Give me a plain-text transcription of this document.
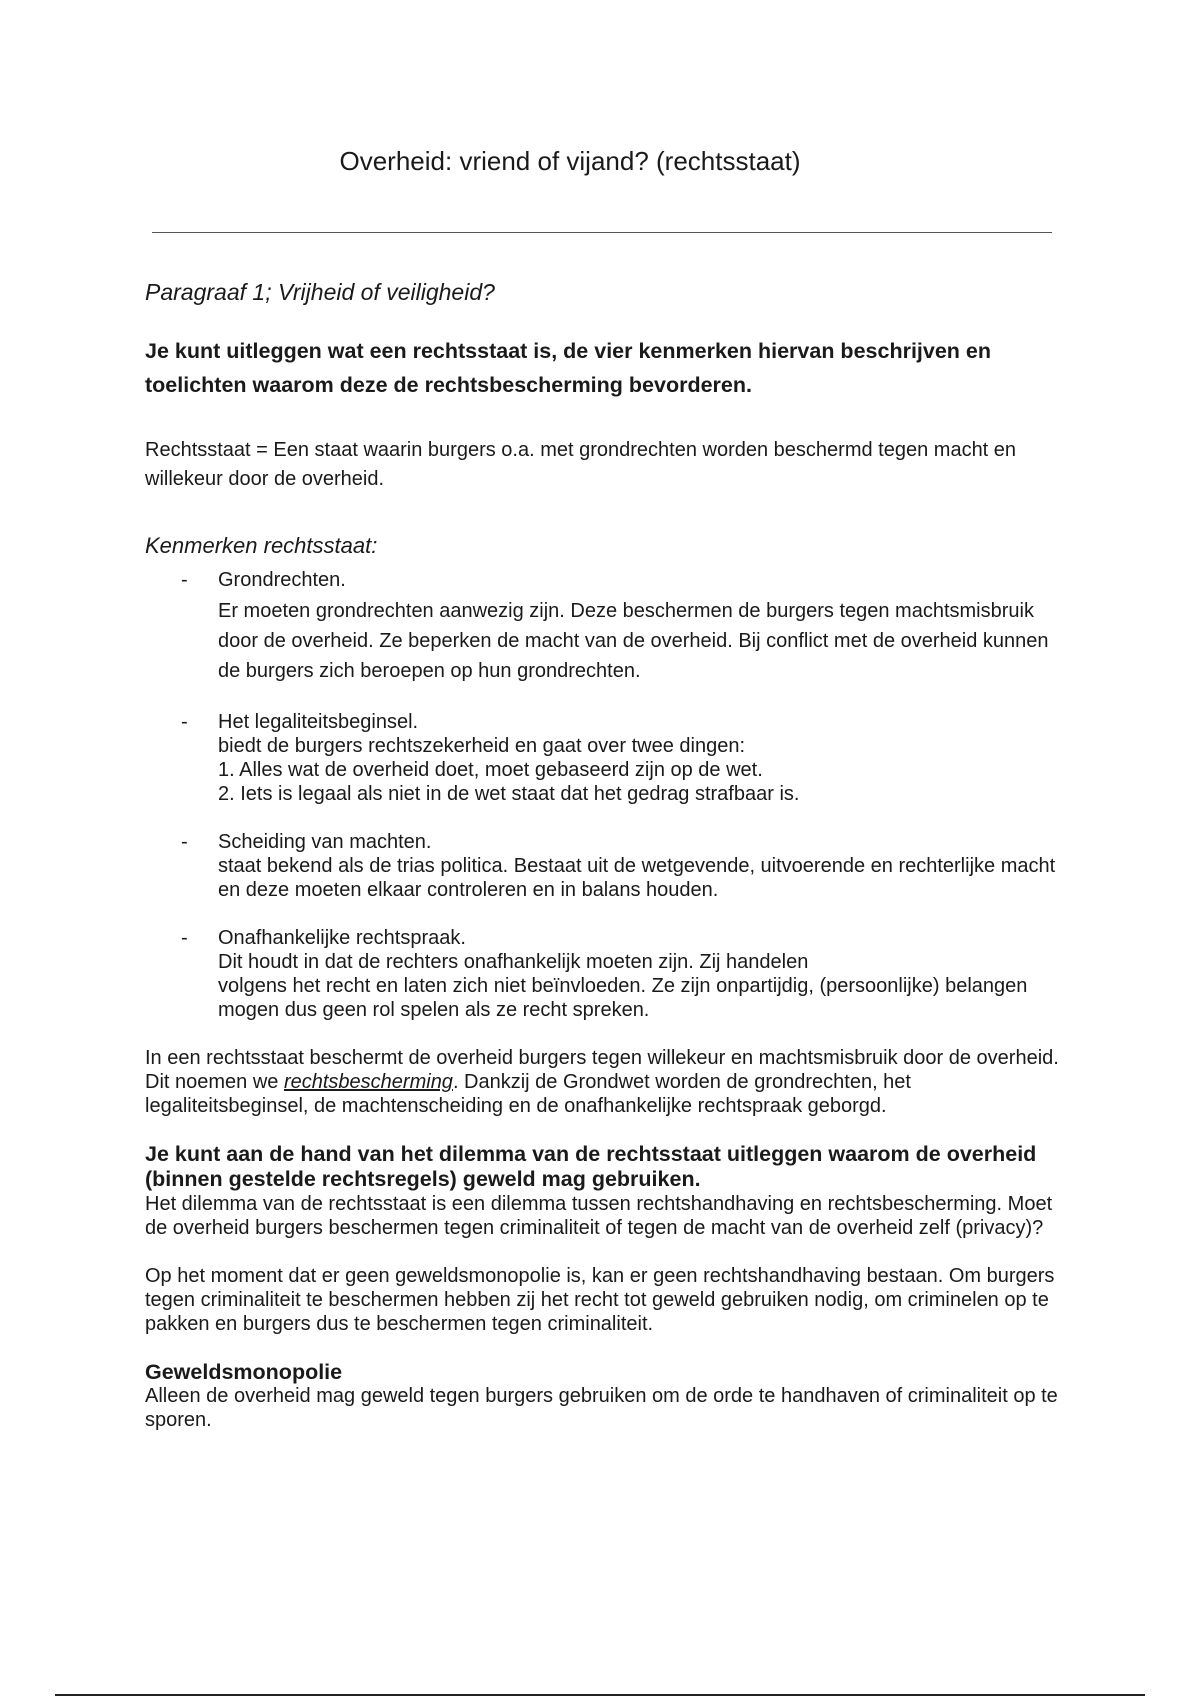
Overheid: vriend of vijand? (rechtsstaat)

Paragraaf 1; Vrijheid of veiligheid?

Je kunt uitleggen wat een rechtsstaat is, de vier kenmerken hiervan beschrijven en toelichten waarom deze de rechtsbescherming bevorderen.

Rechtsstaat = Een staat waarin burgers o.a. met grondrechten worden beschermd tegen macht en willekeur door de overheid.

Kenmerken rechtsstaat:

- Grondrechten.
Er moeten grondrechten aanwezig zijn. Deze beschermen de burgers tegen machtsmisbruik door de overheid. Ze beperken de macht van de overheid. Bij conflict met de overheid kunnen de burgers zich beroepen op hun grondrechten.
- Het legaliteitsbeginsel.
biedt de burgers rechtszekerheid en gaat over twee dingen:
1. Alles wat de overheid doet, moet gebaseerd zijn op de wet.
2. Iets is legaal als niet in de wet staat dat het gedrag strafbaar is.
- Scheiding van machten.
staat bekend als de trias politica. Bestaat uit de wetgevende, uitvoerende en rechterlijke macht en deze moeten elkaar controleren en in balans houden.
- Onafhankelijke rechtspraak.
Dit houdt in dat de rechters onafhankelijk moeten zijn. Zij handelen
volgens het recht en laten zich niet beïnvloeden. Ze zijn onpartijdig, (persoonlijke) belangen mogen dus geen rol spelen als ze recht spreken.

In een rechtsstaat beschermt de overheid burgers tegen willekeur en machtsmisbruik door de overheid. Dit noemen we rechtsbescherming. Dankzij de Grondwet worden de grondrechten, het legaliteitsbeginsel, de machtenscheiding en de onafhankelijke rechtspraak geborgd.

Je kunt aan de hand van het dilemma van de rechtsstaat uitleggen waarom de overheid (binnen gestelde rechtsregels) geweld mag gebruiken.

Het dilemma van de rechtsstaat is een dilemma tussen rechtshandhaving en rechtsbescherming. Moet de overheid burgers beschermen tegen criminaliteit of tegen de macht van de overheid zelf (privacy)?

Op het moment dat er geen geweldsmonopolie is, kan er geen rechtshandhaving bestaan. Om burgers tegen criminaliteit te beschermen hebben zij het recht tot geweld gebruiken nodig, om criminelen op te pakken en burgers dus te beschermen tegen criminaliteit.

Geweldsmonopolie

Alleen de overheid mag geweld tegen burgers gebruiken om de orde te handhaven of criminaliteit op te sporen.
